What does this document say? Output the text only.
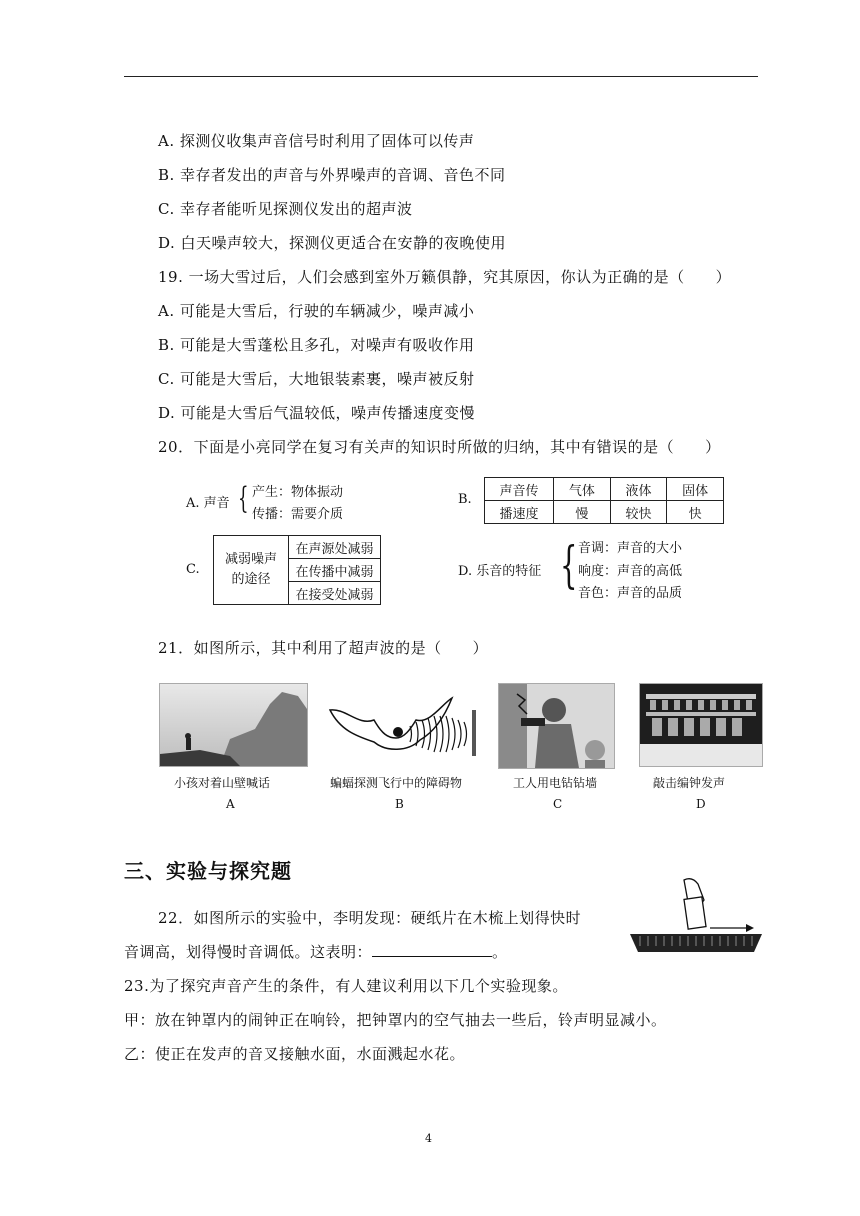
A. 探测仪收集声音信号时利用了固体可以传声
B. 幸存者发出的声音与外界噪声的音调、音色不同
C. 幸存者能听见探测仪发出的超声波
D. 白天噪声较大，探测仪更适合在安静的夜晚使用
19. 一场大雪过后，人们会感到室外万籁俱静，究其原因，你认为正确的是（　　）
A. 可能是大雪后，行驶的车辆减少，噪声减小
B. 可能是大雪蓬松且多孔，对噪声有吸收作用
C. 可能是大雪后，大地银装素裹，噪声被反射
D. 可能是大雪后气温较低，噪声传播速度变慢
20．下面是小亮同学在复习有关声的知识时所做的归纳，其中有错误的是（　　）
A. 声音 { 产生：物体振动
传播：需要介质
B.
声音传	气体	液体	固体
播速度	慢	较快	快
C.
减弱噪声
的途径	在声源处减弱
在传播中减弱
在接受处减弱
D. 乐音的特征 { 音调：声音的大小
响度：声音的高低
音色：声音的品质
21．如图所示，其中利用了超声波的是（　　）
小孩对着山壁喊话
A
蝙蝠探测飞行中的障碍物
B
工人用电钻钻墙
C
敲击编钟发声
D
三、实验与探究题
22．如图所示的实验中，李明发现：硬纸片在木梳上划得快时
音调高，划得慢时音调低。这表明：	。
23.为了探究声音产生的条件，有人建议利用以下几个实验现象。
甲：放在钟罩内的闹钟正在响铃，把钟罩内的空气抽去一些后，铃声明显减小。
乙：使正在发声的音叉接触水面，水面溅起水花。
4
